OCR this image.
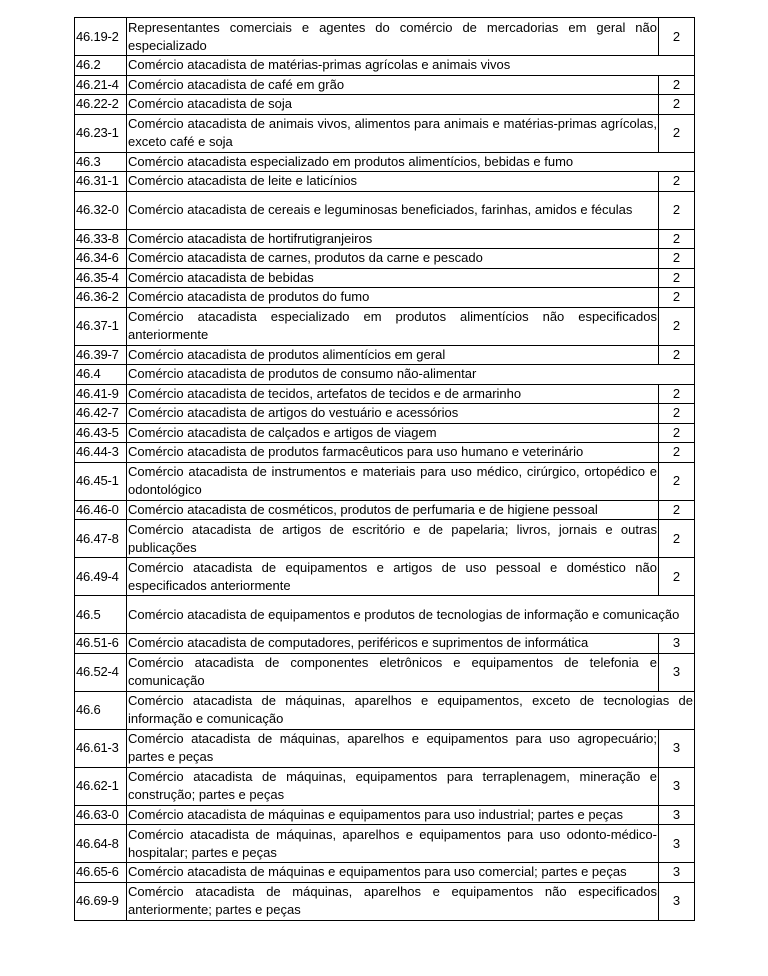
46.19-2	Representantes comerciais e agentes do comércio de mercadorias em geral não especializado	2
46.2	Comércio atacadista de matérias-primas agrícolas e animais vivos	
46.21-4	Comércio atacadista de café em grão	2
46.22-2	Comércio atacadista de soja	2
46.23-1	Comércio atacadista de animais vivos, alimentos para animais e matérias-primas agrícolas, exceto café e soja	2
46.3	Comércio atacadista especializado em produtos alimentícios, bebidas e fumo	
46.31-1	Comércio atacadista de leite e laticínios	2
46.32-0	Comércio atacadista de cereais e leguminosas beneficiados, farinhas, amidos e féculas	2
46.33-8	Comércio atacadista de hortifrutigranjeiros	2
46.34-6	Comércio atacadista de carnes, produtos da carne e pescado	2
46.35-4	Comércio atacadista de bebidas	2
46.36-2	Comércio atacadista de produtos do fumo	2
46.37-1	Comércio atacadista especializado em produtos alimentícios não especificados anteriormente	2
46.39-7	Comércio atacadista de produtos alimentícios em geral	2
46.4	Comércio atacadista de produtos de consumo não-alimentar	
46.41-9	Comércio atacadista de tecidos, artefatos de tecidos e de armarinho	2
46.42-7	Comércio atacadista de artigos do vestuário e acessórios	2
46.43-5	Comércio atacadista de calçados e artigos de viagem	2
46.44-3	Comércio atacadista de produtos farmacêuticos para uso humano e veterinário	2
46.45-1	Comércio atacadista de instrumentos e materiais para uso médico, cirúrgico, ortopédico e odontológico	2
46.46-0	Comércio atacadista de cosméticos, produtos de perfumaria e de higiene pessoal	2
46.47-8	Comércio atacadista de artigos de escritório e de papelaria; livros, jornais e outras publicações	2
46.49-4	Comércio atacadista de equipamentos e artigos de uso pessoal e doméstico não especificados anteriormente	2
46.5	Comércio atacadista de equipamentos e produtos de tecnologias de informação e comunicação	
46.51-6	Comércio atacadista de computadores, periféricos e suprimentos de informática	3
46.52-4	Comércio atacadista de componentes eletrônicos e equipamentos de telefonia e comunicação	3
46.6	Comércio atacadista de máquinas, aparelhos e equipamentos, exceto de tecnologias de informação e comunicação	
46.61-3	Comércio atacadista de máquinas, aparelhos e equipamentos para uso agropecuário; partes e peças	3
46.62-1	Comércio atacadista de máquinas, equipamentos para terraplenagem, mineração e construção; partes e peças	3
46.63-0	Comércio atacadista de máquinas e equipamentos para uso industrial; partes e peças	3
46.64-8	Comércio atacadista de máquinas, aparelhos e equipamentos para uso odonto-médico- hospitalar; partes e peças	3
46.65-6	Comércio atacadista de máquinas e equipamentos para uso comercial; partes e peças	3
46.69-9	Comércio atacadista de máquinas, aparelhos e equipamentos não especificados anteriormente; partes e peças	3
